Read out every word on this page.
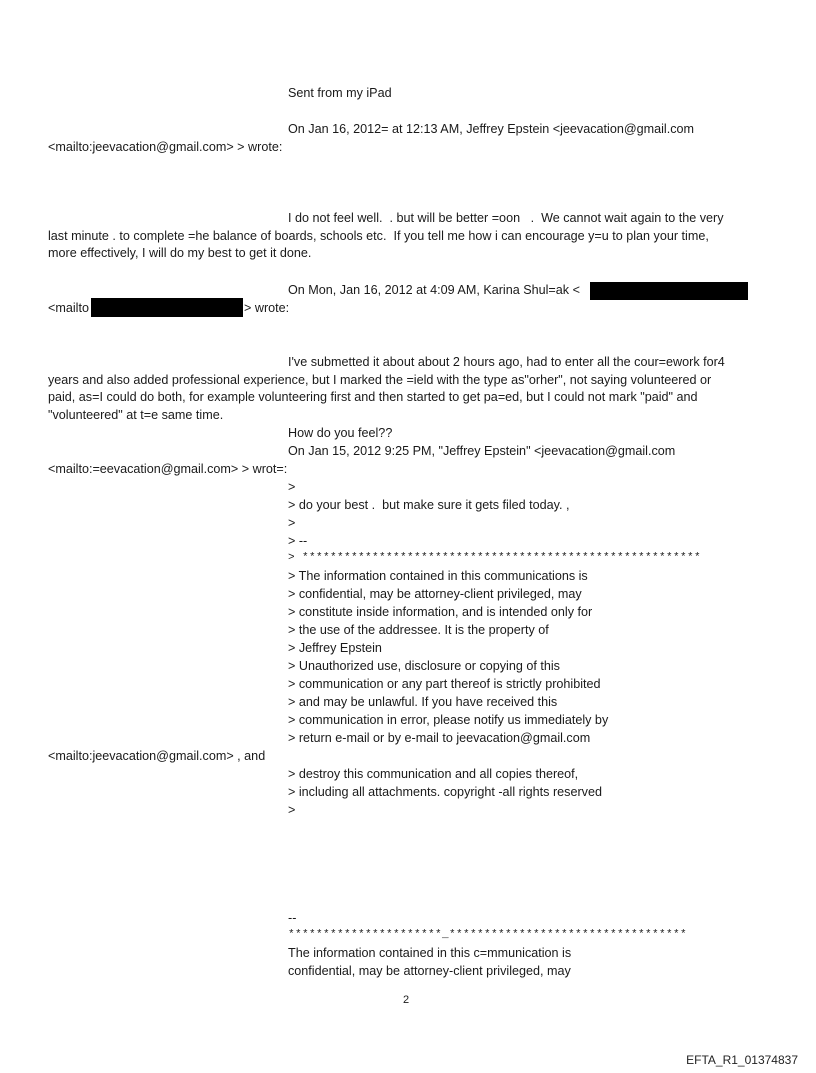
Sent from my iPad
On Jan 16, 2012= at 12:13 AM, Jeffrey Epstein <jeevacation@gmail.com
<mailto:jeevacation@gmail.com> > wrote:
I do not feel well.  . but will be better =oon   .  We cannot wait again to the very
last minute . to complete =he balance of boards, schools etc.  If you tell me how i can encourage y=u to plan your time,
more effectively, I will do my best to get it done.
On Mon, Jan 16, 2012 at 4:09 AM, Karina Shul=ak <
<mailto	> wrote:
I've submetted it about about 2 hours ago, had to enter all the cour=ework for4
years and also added professional experience, but I marked the =ield with the type as"orher", not saying volunteered or
paid, as=I could do both, for example volunteering first and then started to get pa=ed, but I could not mark "paid" and
"volunteered" at t=e same time.
How do you feel??
On Jan 15, 2012 9:25 PM, "Jeffrey Epstein" <jeevacation@gmail.com
<mailto:=eevacation@gmail.com> > wrot=:
>
> do your best .  but make sure it gets filed today. ,
>
> --
> *********************************************************
> The information contained in this communications is
> confidential, may be attorney-client privileged, may
> constitute inside information, and is intended only for
> the use of the addressee. It is the property of
> Jeffrey Epstein
> Unauthorized use, disclosure or copying of this
> communication or any part thereof is strictly prohibited
> and may be unlawful. If you have received this
> communication in error, please notify us immediately by
> return e-mail or by e-mail to jeevacation@gmail.com
<mailto:jeevacation@gmail.com> , and
> destroy this communication and all copies thereof,
> including all attachments. copyright -all rights reserved
>
--
**********************_**********************************
The information contained in this c=mmunication is
confidential, may be attorney-client privileged, may
2
EFTA_R1_01374837
